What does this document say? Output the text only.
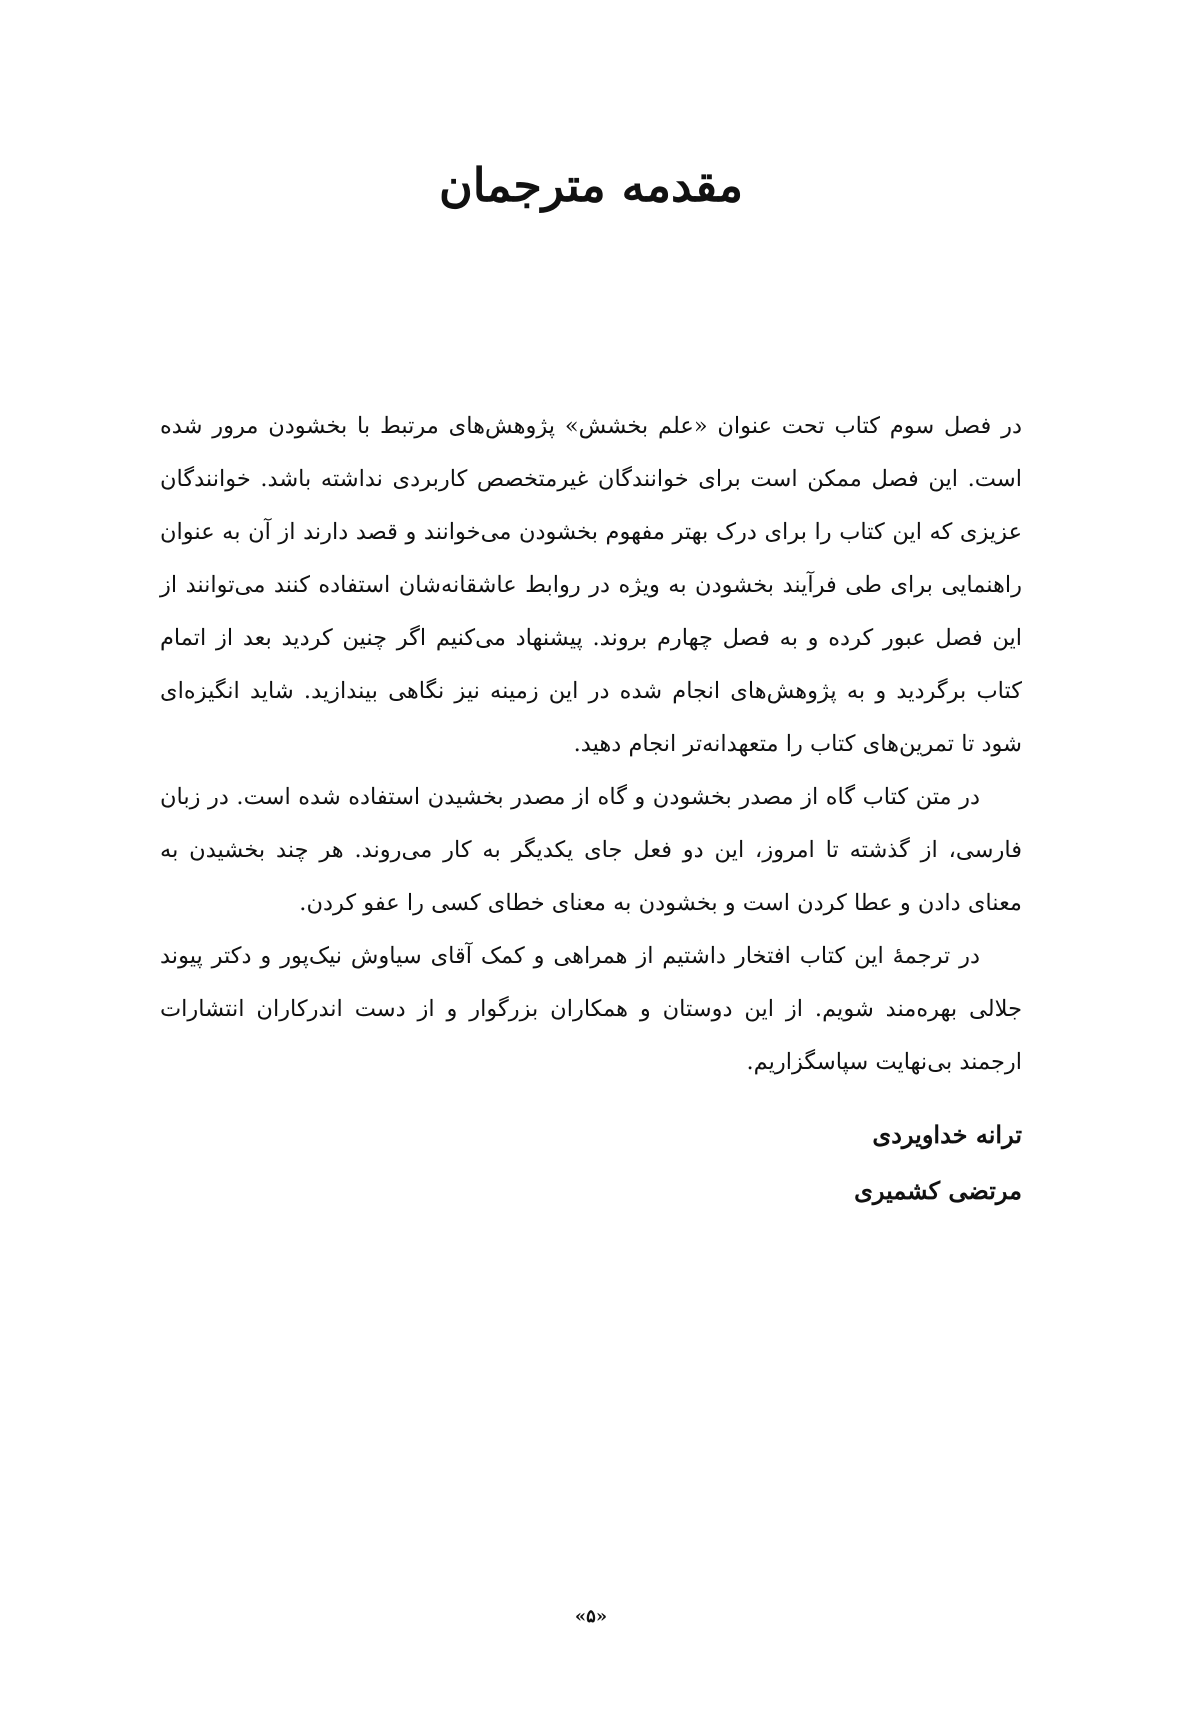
مقدمه مترجمان

در فصل سوم کتاب تحت عنوان «علم بخشش» پژوهش‌های مرتبط با بخشودن مرور شده است. این فصل ممکن است برای خوانندگان غیرمتخصص کاربردی نداشته باشد. خوانندگان عزیزی که این کتاب را برای درک بهتر مفهوم بخشودن می‌خوانند و قصد دارند از آن به عنوان راهنمایی برای طی فرآیند بخشودن به ویژه در روابط عاشقانه‌شان استفاده کنند می‌توانند از این فصل عبور کرده و به فصل چهارم بروند. پیشنهاد می‌کنیم اگر چنین کردید بعد از اتمام کتاب برگردید و به پژوهش‌های انجام شده در این زمینه نیز نگاهی بیندازید. شاید انگیزه‌ای شود تا تمرین‌های کتاب را متعهدانه‌تر انجام دهید.

در متن کتاب گاه از مصدر بخشودن و گاه از مصدر بخشیدن استفاده شده است. در زبان فارسی، از گذشته تا امروز، این دو فعل جای یکدیگر به کار می‌روند. هر چند بخشیدن به معنای دادن و عطا کردن است و بخشودن به معنای خطای کسی را عفو کردن.

در ترجمهٔ این کتاب افتخار داشتیم از همراهی و کمک آقای سیاوش نیک‌پور و دکتر پیوند جلالی بهره‌مند شویم. از این دوستان و همکاران بزرگوار و از دست اندرکاران انتشارات ارجمند بی‌نهایت سپاسگزاریم.

ترانه خداویردی
مرتضی کشمیری
«۵»
